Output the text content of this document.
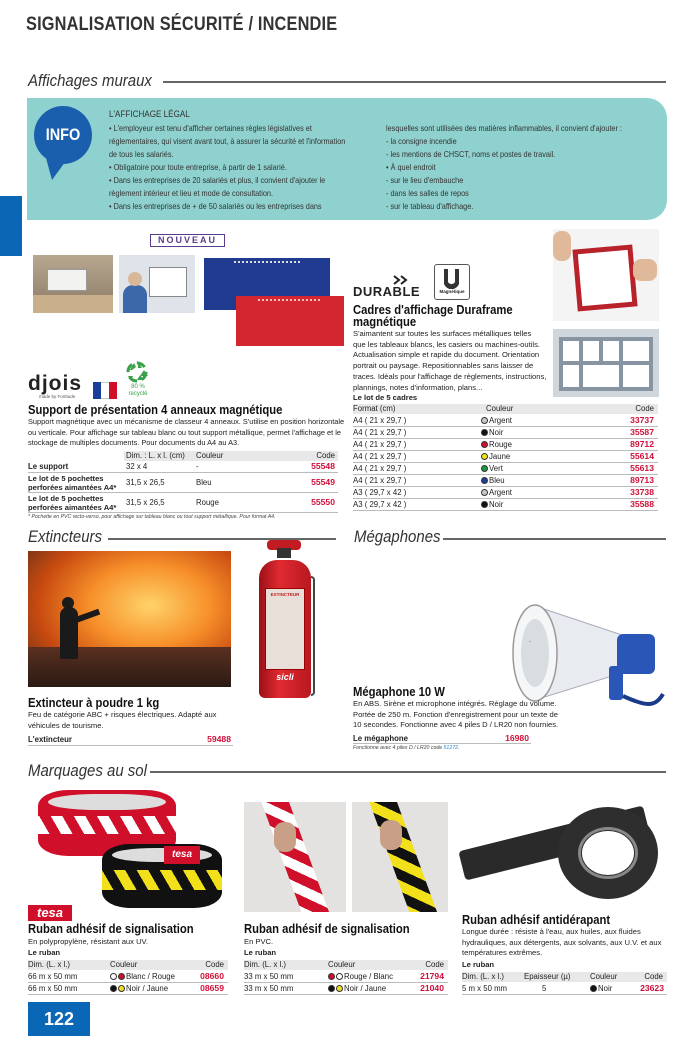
SIGNALISATION SÉCURITÉ / INCENDIE
Affichages muraux
INFO
L'AFFICHAGE LÉGAL
• L'employeur est tenu d'afficher certaines règles législatives et
réglementaires, qui visent avant tout, à assurer la sécurité et l'information
de tous les salariés.
• Obligatoire pour toute entreprise, à partir de 1 salarié.
• Dans les entreprises de 20 salariés et plus, il convient d'ajouter le
règlement intérieur et lieu et mode de consultation.
• Dans les entreprises de + de 50 salariés ou les entreprises dans
lesquelles sont utilisées des matières inflammables, il convient d'ajouter :
- la consigne incendie
- les mentions de CHSCT, noms et postes de travail.
• À quel endroit
- sur le lieu d'embauche
- dans les salles de repos
- sur le tableau d'affichage.
NOUVEAU
djois
made by Fortitude
80 %
recyclé
Support de présentation 4 anneaux magnétique
Support magnétique avec un mécanisme de classeur 4 anneaux. S'utilise en position horizontale
ou verticale. Pour affichage sur tableau blanc ou tout support métallique, permet l'affichage et le
stockage de multiples documents. Pour documents du A4 au A3.
Dim. : L. x l. (cm) Couleur	Code
Le support	32 x 4	-	55548
Le lot de 5 pochettes perforées aimantées A4*
31,5 x 26,5	Bleu	55549
Le lot de 5 pochettes perforées aimantées A4*
31,5 x 26,5	Rouge	55550
* Pochette en PVC recto-verso, pour affichage sur tableau blanc ou tout support métallique. Pour format A4.
DURABLE	Magnétique
Cadres d'affichage Duraframe
magnétique
S'aimantent sur toutes les surfaces métalliques telles
que les tableaux blancs, les casiers ou machines-outils.
Actualisation simple et rapide du document. Orientation
portrait ou paysage. Repositionnables sans laisser de
traces. Idéals pour l'affichage de règlements, instructions,
plannings, notes d'information, plans...
Le lot de 5 cadres
Format (cm)	Couleur	Code
A4 ( 21 x 29,7 )	Argent	33737
A4 ( 21 x 29,7 )	Noir	35587
A4 ( 21 x 29,7 )	Rouge	89712
A4 ( 21 x 29,7 )	Jaune	55614
A4 ( 21 x 29,7 )	Vert	55613
A4 ( 21 x 29,7 )	Bleu	89713
A3 ( 29,7 x 42 )	Argent	33738
A3 ( 29,7 x 42 )	Noir	35588
Extincteurs	Mégaphones
EXTINCTEUR
sicli
Extincteur à poudre 1 kg
Feu de catégorie ABC + risques électriques. Adapté aux
véhicules de tourisme.
L'extincteur	59488
◦
Mégaphone 10 W
En ABS. Sirène et microphone intégrés. Réglage du volume.
Portée de 250 m. Fonction d'enregistrement pour un texte de
10 secondes. Fonctionne avec 4 piles D / LR20 non fournies.
Le mégaphone	16980
Fonctionne avec 4 piles D / LR20 code 51272.
Marquages au sol
tesa
tesa
Ruban adhésif de signalisation
En polypropylène, résistant aux UV.
Le ruban
Dim. (L. x l.)	Couleur	Code
66 m x 50 mm	Blanc / Rouge	08660
66 m x 50 mm	Noir / Jaune	08659
Ruban adhésif de signalisation
En PVC.
Le ruban
Dim. (L. x l.)	Couleur	Code
33 m x 50 mm	Rouge / Blanc	21794
33 m x 50 mm	Noir / Jaune	21040
Ruban adhésif antidérapant
Longue durée : résiste à l'eau, aux huiles, aux fluides
hydrauliques, aux détergents, aux solvants, aux U.V. et aux
températures extrêmes.
Le ruban
Dim. (L. x l.)	Epaisseur (µ) Couleur	Code
5 m x 50 mm	5	Noir	23623
122
